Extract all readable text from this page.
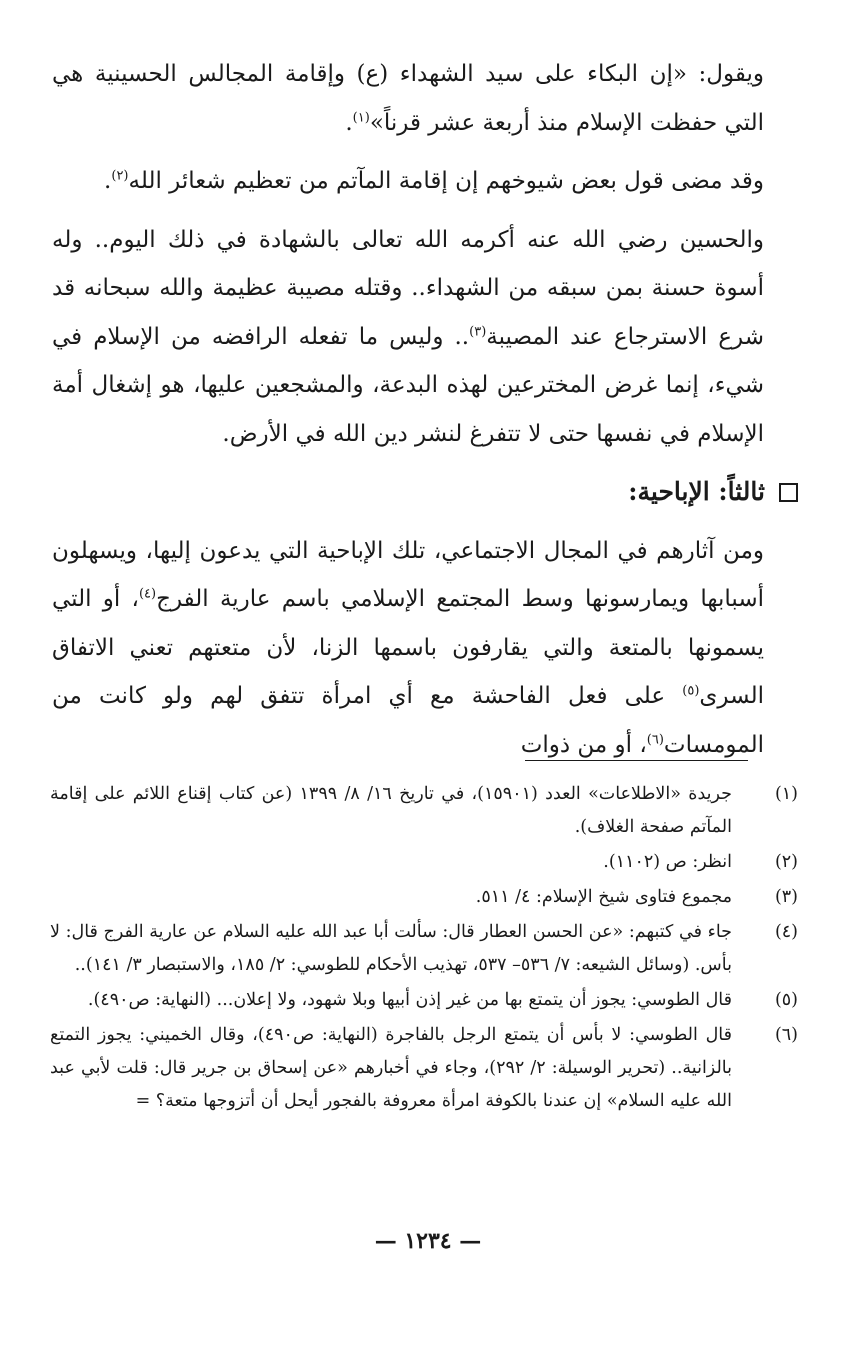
ويقول: «إن البكاء على سيد الشهداء (ع) وإقامة المجالس الحسينية هي التي حفظت الإسلام منذ أربعة عشر قرناً»$^{(١)}$.

وقد مضى قول بعض شيوخهم إن إقامة المآتم من تعظيم شعائر الله$^{(٢)}$.

والحسين رضي الله عنه أكرمه الله تعالى بالشهادة في ذلك اليوم.. وله أسوة حسنة بمن سبقه من الشهداء.. وقتله مصيبة عظيمة والله سبحانه قد شرع الاسترجاع عند المصيبة$^{(٣)}$.. وليس ما تفعله الرافضه من الإسلام في شيء، إنما غرض المخترعين لهذه البدعة، والمشجعين عليها، هو إشغال أمة الإسلام في نفسها حتى لا تتفرغ لنشر دين الله في الأرض.

ثالثاً: الإباحية:

ومن آثارهم في المجال الاجتماعي، تلك الإباحية التي يدعون إليها، ويسهلون أسبابها ويمارسونها وسط المجتمع الإسلامي باسم عارية الفرج$^{(٤)}$، أو التي يسمونها بالمتعة والتي يقارفون باسمها الزنا، لأن متعتهم تعني الاتفاق السرى$^{(٥)}$ على فعل الفاحشة مع أي امرأة تتفق لهم ولو كانت من المومسات$^{(٦)}$، أو من ذوات

(١)
جريدة «الاطلاعات» العدد (١٥٩٠١)، في تاريخ ١٦/ ٨/ ١٣٩٩ (عن كتاب إقناع اللائم على إقامة المآتم صفحة الغلاف).
(٢)
انظر: ص (١١٠٢).
(٣)
مجموع فتاوى شيخ الإسلام: ٤/ ٥١١.
(٤)
جاء في كتبهم: «عن الحسن العطار قال: سألت أبا عبد الله عليه السلام عن عارية الفرج قال: لا بأس. (وسائل الشيعه: ٧/ ٥٣٦– ٥٣٧، تهذيب الأحكام للطوسي: ٢/ ١٨٥، والاستبصار ٣/ ١٤١)..
(٥)
قال الطوسي: يجوز أن يتمتع بها من غير إذن أبيها وبلا شهود، ولا إعلان... (النهاية: ص٤٩٠).
(٦)
قال الطوسي: لا بأس أن يتمتع الرجل بالفاجرة (النهاية: ص٤٩٠)، وقال الخميني: يجوز التمتع بالزانية.. (تحرير الوسيلة: ٢/ ٢٩٢)، وجاء في أخبارهم «عن إسحاق بن جرير قال: قلت لأبي عبد الله عليه السلام» إن عندنا بالكوفة امرأة معروفة بالفجور أيحل أن أتزوجها متعة؟ =
— ١٢٣٤ —
